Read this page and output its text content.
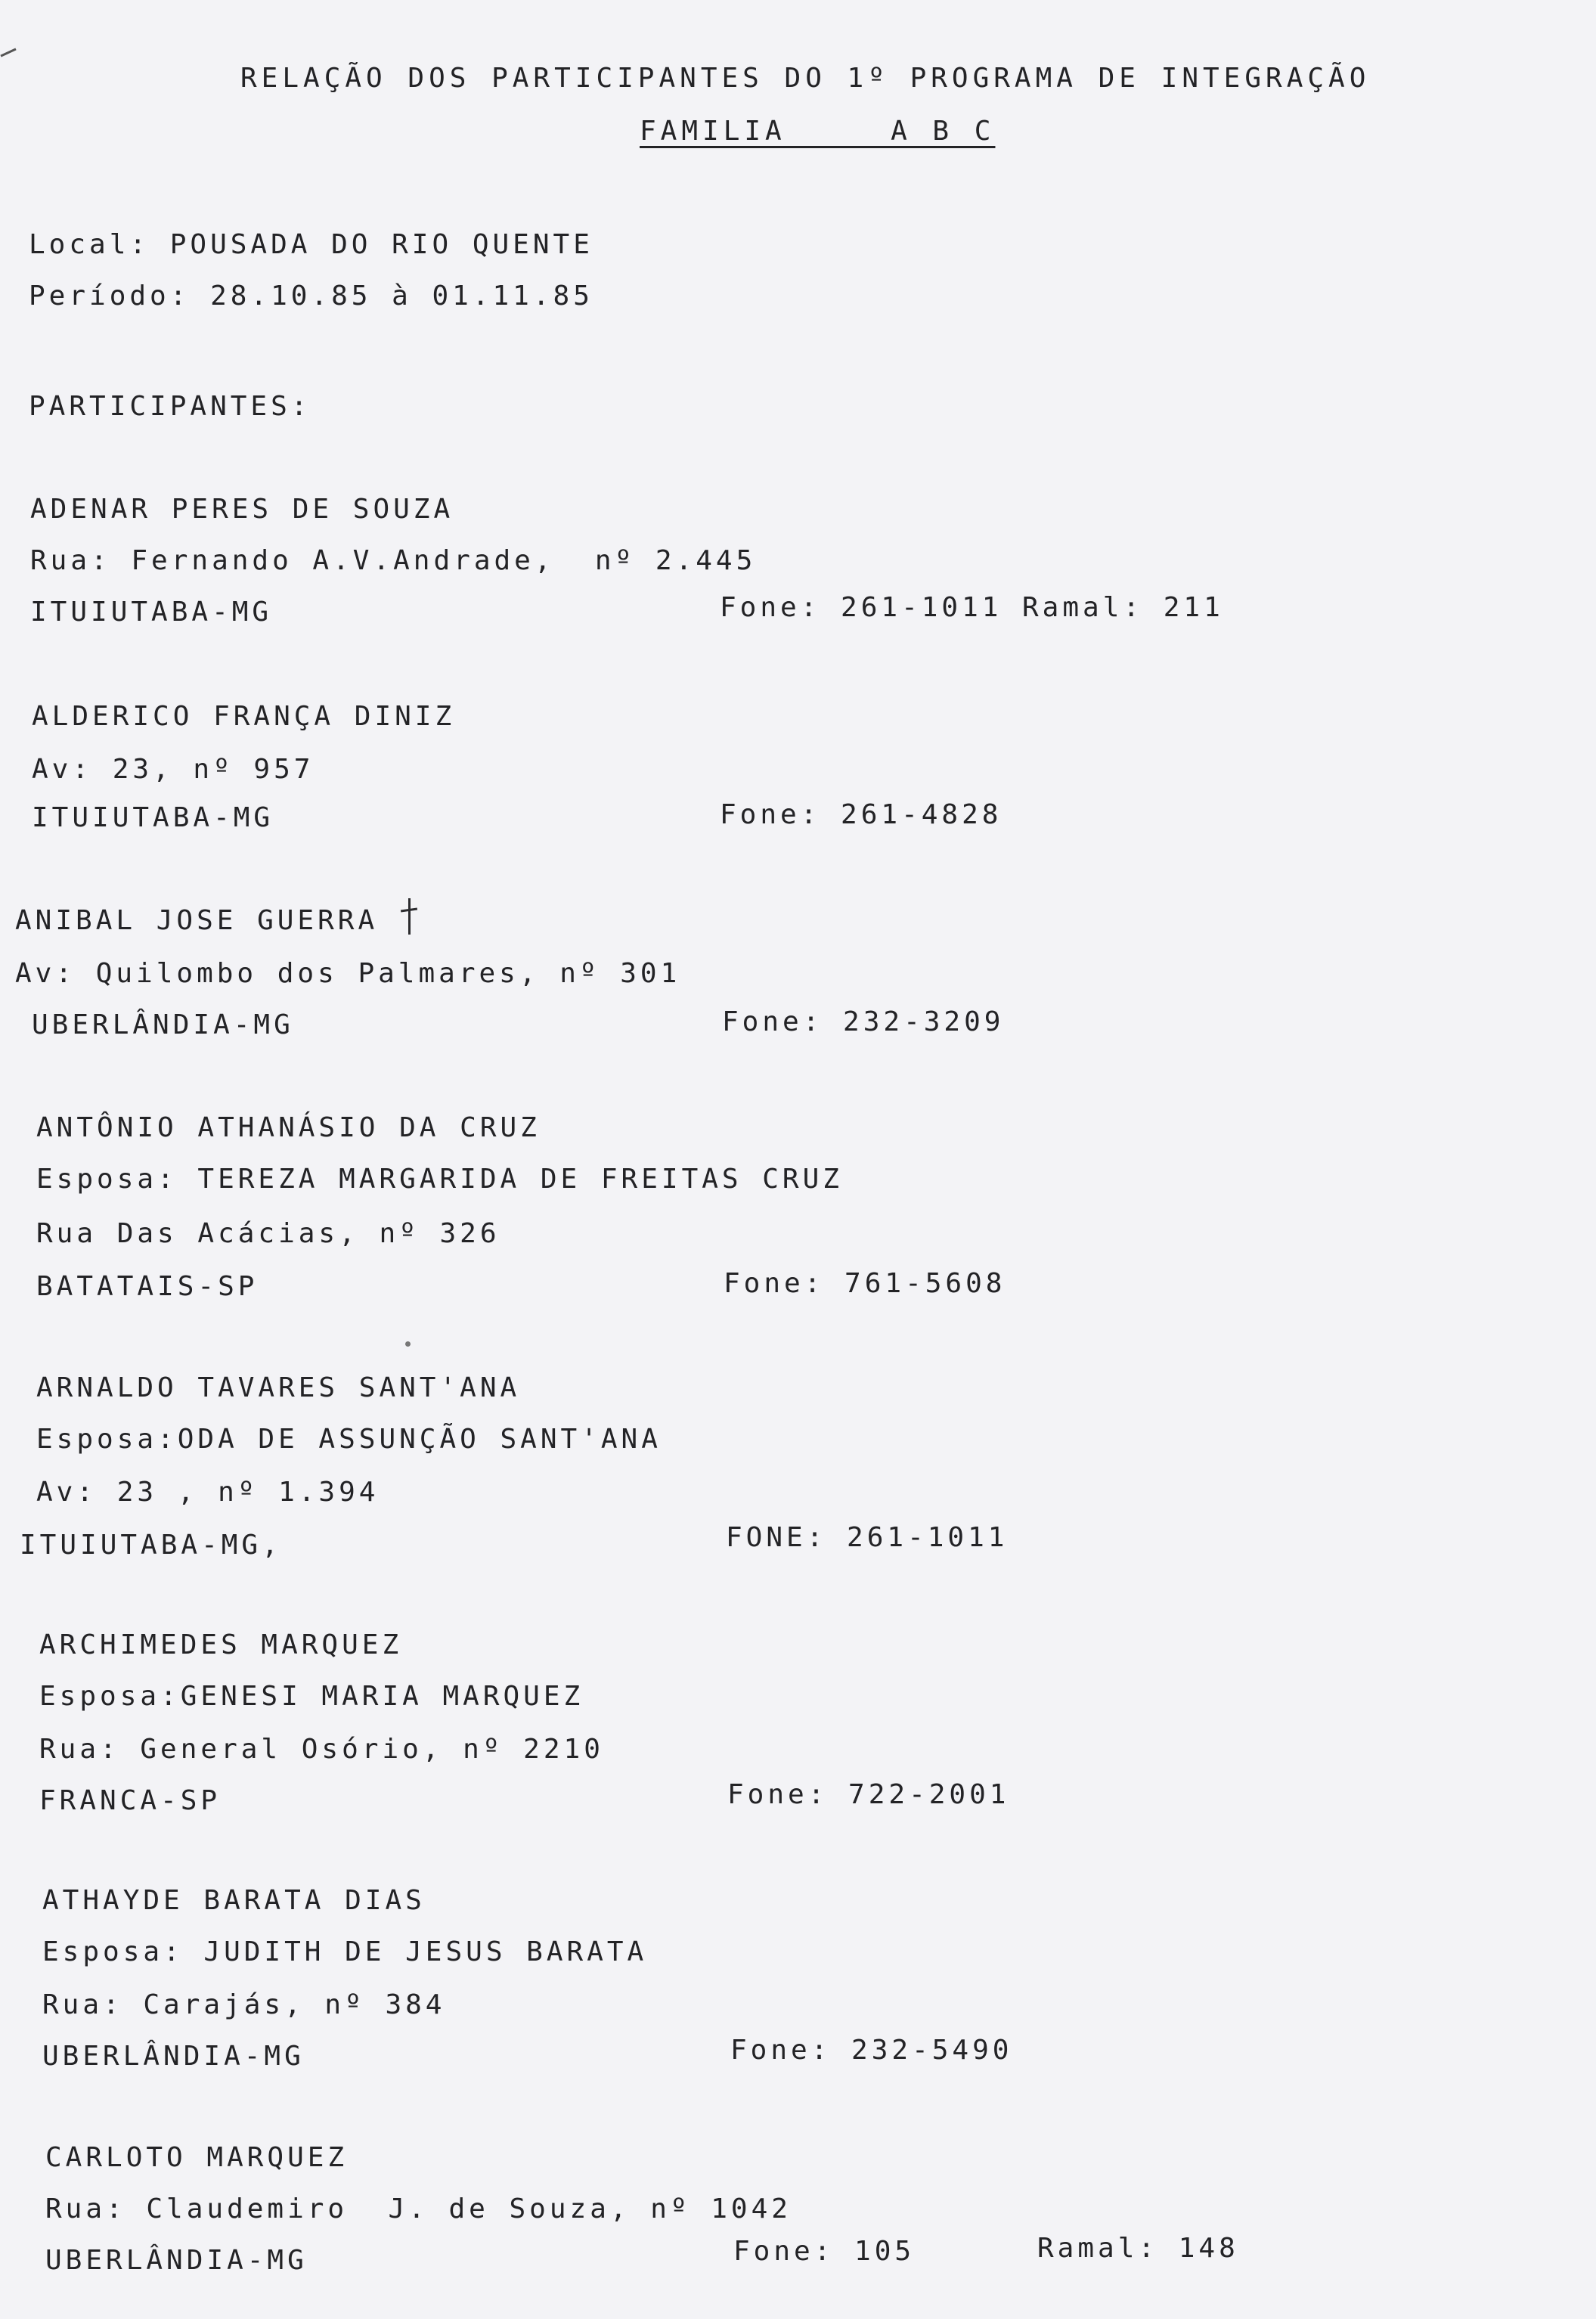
RELAÇÃO DOS PARTICIPANTES DO 1º PROGRAMA DE INTEGRAÇÃO
FAMILIA     A B C
Local: POUSADA DO RIO QUENTE
Período: 28.10.85 à 01.11.85
PARTICIPANTES:
ADENAR PERES DE SOUZA
Rua: Fernando A.V.Andrade,  nº 2.445
ITUIUTABA-MG	Fone: 261-1011 Ramal: 211
ALDERICO FRANÇA DINIZ
Av: 23, nº 957
ITUIUTABA-MG	Fone: 261-4828
ANIBAL JOSE GUERRA
Av: Quilombo dos Palmares, nº 301
UBERLÂNDIA-MG	Fone: 232-3209
ANTÔNIO ATHANÁSIO DA CRUZ
Esposa: TEREZA MARGARIDA DE FREITAS CRUZ
Rua Das Acácias, nº 326
BATATAIS-SP	Fone: 761-5608
ARNALDO TAVARES SANT'ANA
Esposa:ODA DE ASSUNÇÃO SANT'ANA
Av: 23 , nº 1.394
ITUIUTABA-MG,	FONE: 261-1011
ARCHIMEDES MARQUEZ
Esposa:GENESI MARIA MARQUEZ
Rua: General Osório, nº 2210
FRANCA-SP	Fone: 722-2001
ATHAYDE BARATA DIAS
Esposa: JUDITH DE JESUS BARATA
Rua: Carajás, nº 384
UBERLÂNDIA-MG	Fone: 232-5490
CARLOTO MARQUEZ
Rua: Claudemiro  J. de Souza, nº 1042
UBERLÂNDIA-MG	Fone: 105	Ramal: 148
